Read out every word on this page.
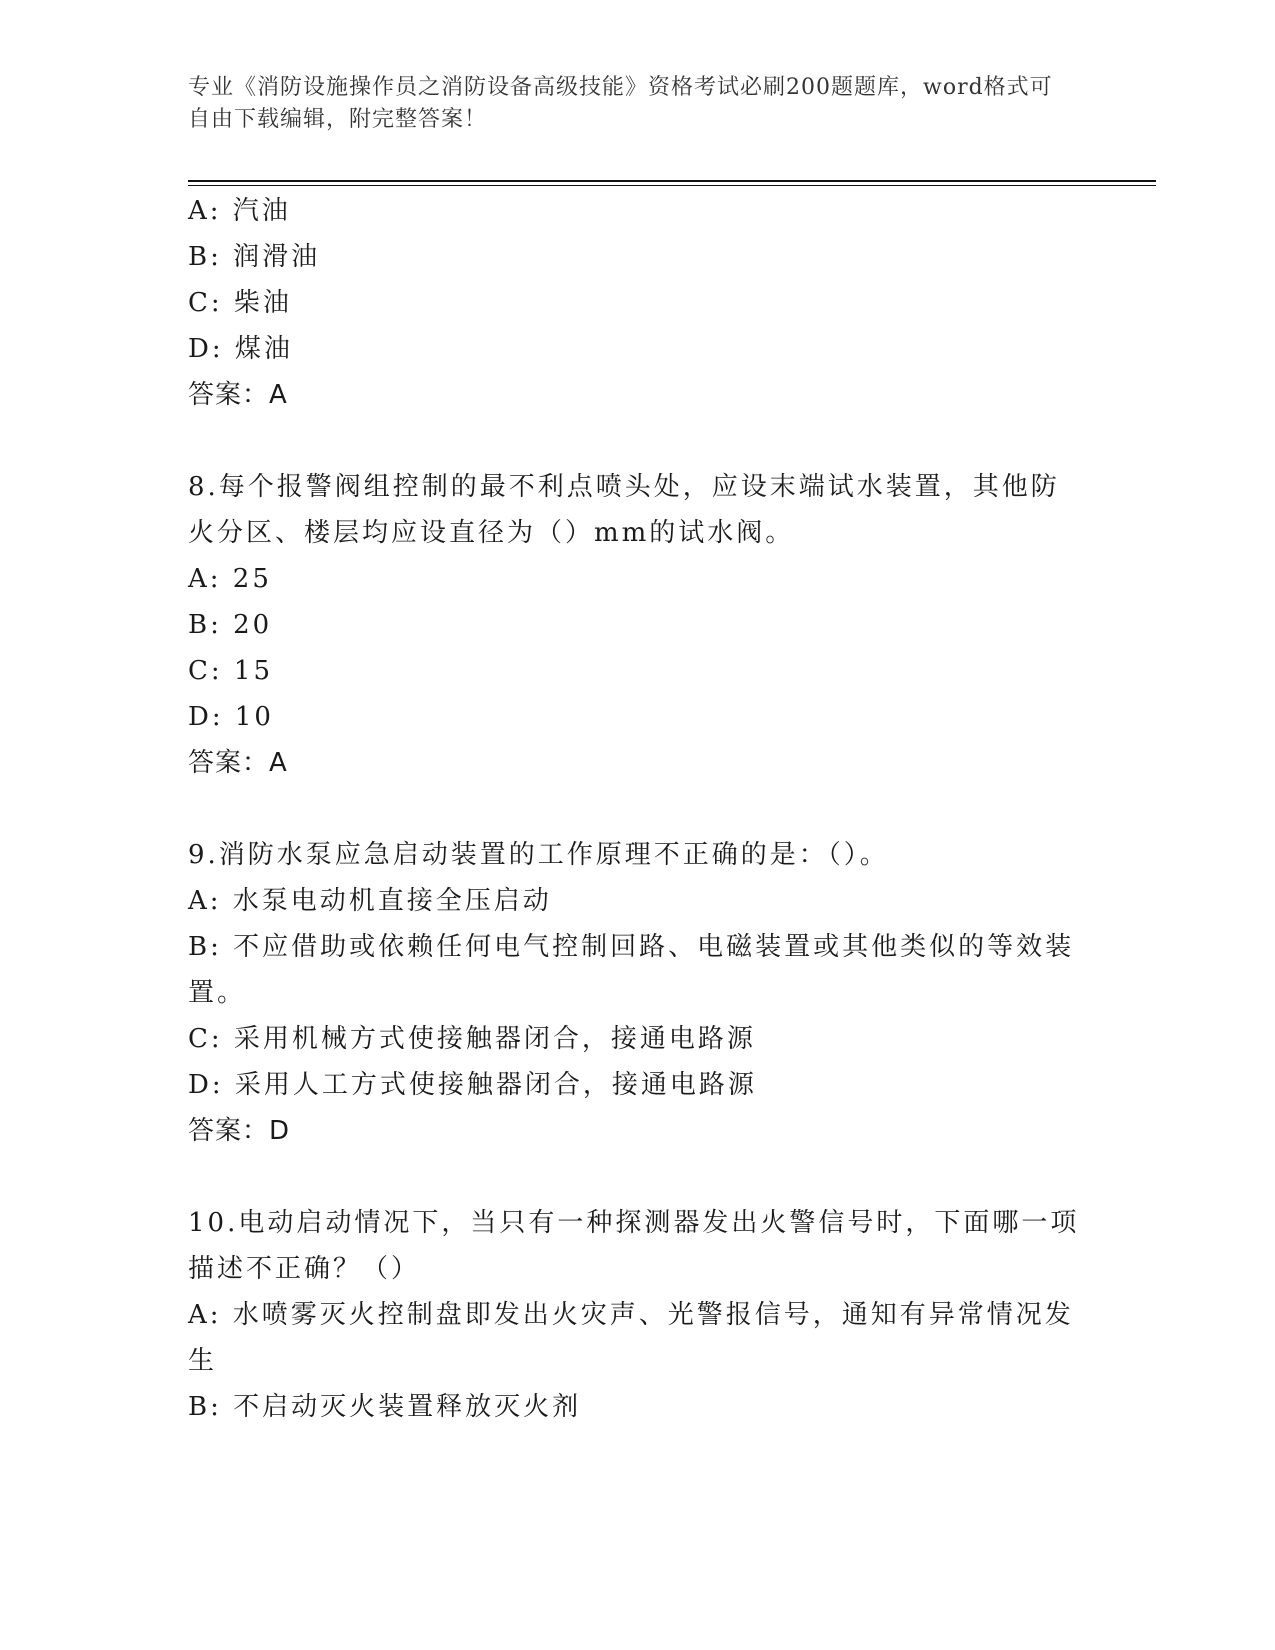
专业《消防设施操作员之消防设备高级技能》资格考试必刷200题题库，word格式可自由下载编辑，附完整答案！

A: 汽油

B: 润滑油

C: 柴油

D: 煤油

答案：A

8.每个报警阀组控制的最不利点喷头处，应设末端试水装置，其他防火分区、楼层均应设直径为（）mm的试水阀。

A: 25

B: 20

C: 15

D: 10

答案：A

9.消防水泵应急启动装置的工作原理不正确的是：（）。

A: 水泵电动机直接全压启动

B: 不应借助或依赖任何电气控制回路、电磁装置或其他类似的等效装置。

C: 采用机械方式使接触器闭合，接通电路源

D: 采用人工方式使接触器闭合，接通电路源

答案：D

10.电动启动情况下，当只有一种探测器发出火警信号时，下面哪一项描述不正确？（）

A: 水喷雾灭火控制盘即发出火灾声、光警报信号，通知有异常情况发生

B: 不启动灭火装置释放灭火剂
